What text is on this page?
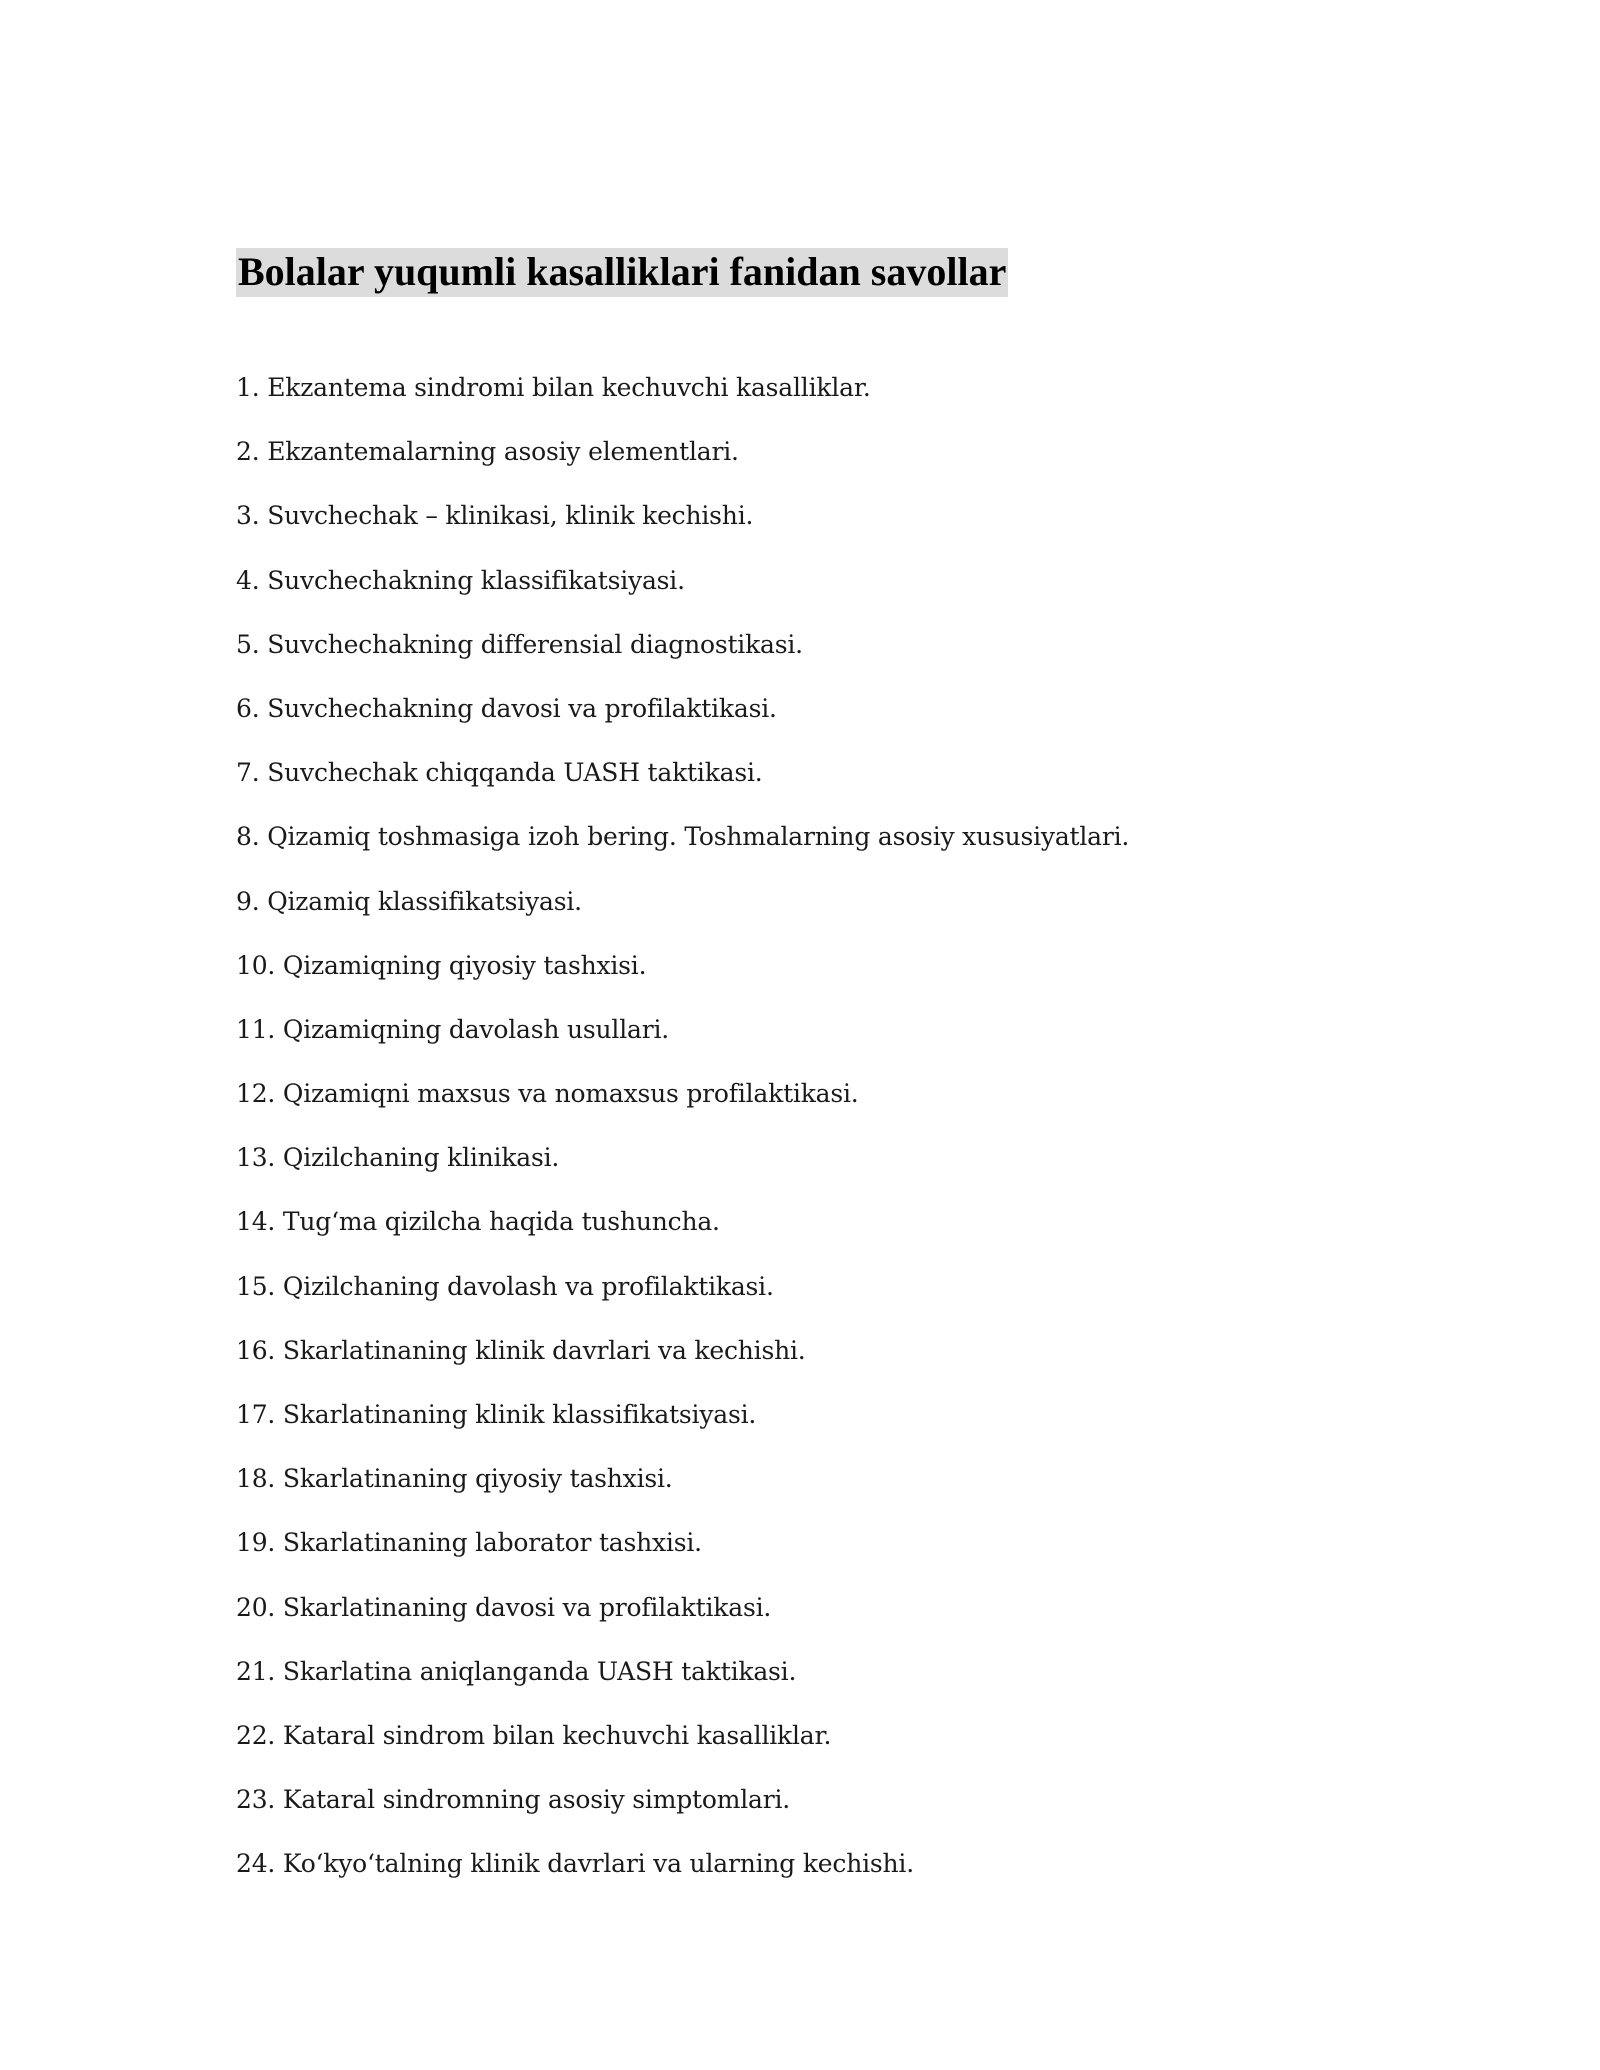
Bolalar yuqumli kasalliklari fanidan savollar
1. Ekzantema sindromi bilan kechuvchi kasalliklar.
2. Ekzantemalarning asosiy elementlari.
3. Suvchechak – klinikasi, klinik kechishi.
4. Suvchechakning klassifikatsiyasi.
5. Suvchechakning differensial diagnostikasi.
6. Suvchechakning davosi va profilaktikasi.
7. Suvchechak chiqqanda UASH taktikasi.
8. Qizamiq toshmasiga izoh bering. Toshmalarning asosiy xususiyatlari.
9. Qizamiq klassifikatsiyasi.
10. Qizamiqning qiyosiy tashxisi.
11. Qizamiqning davolash usullari.
12. Qizamiqni maxsus va nomaxsus profilaktikasi.
13. Qizilchaning klinikasi.
14. Tug‘ma qizilcha haqida tushuncha.
15. Qizilchaning davolash va profilaktikasi.
16. Skarlatinaning klinik davrlari va kechishi.
17. Skarlatinaning klinik klassifikatsiyasi.
18. Skarlatinaning qiyosiy tashxisi.
19. Skarlatinaning laborator tashxisi.
20. Skarlatinaning davosi va profilaktikasi.
21. Skarlatina aniqlanganda UASH taktikasi.
22. Kataral sindrom bilan kechuvchi kasalliklar.
23. Kataral sindromning asosiy simptomlari.
24. Ko‘kyo‘talning klinik davrlari va ularning kechishi.
